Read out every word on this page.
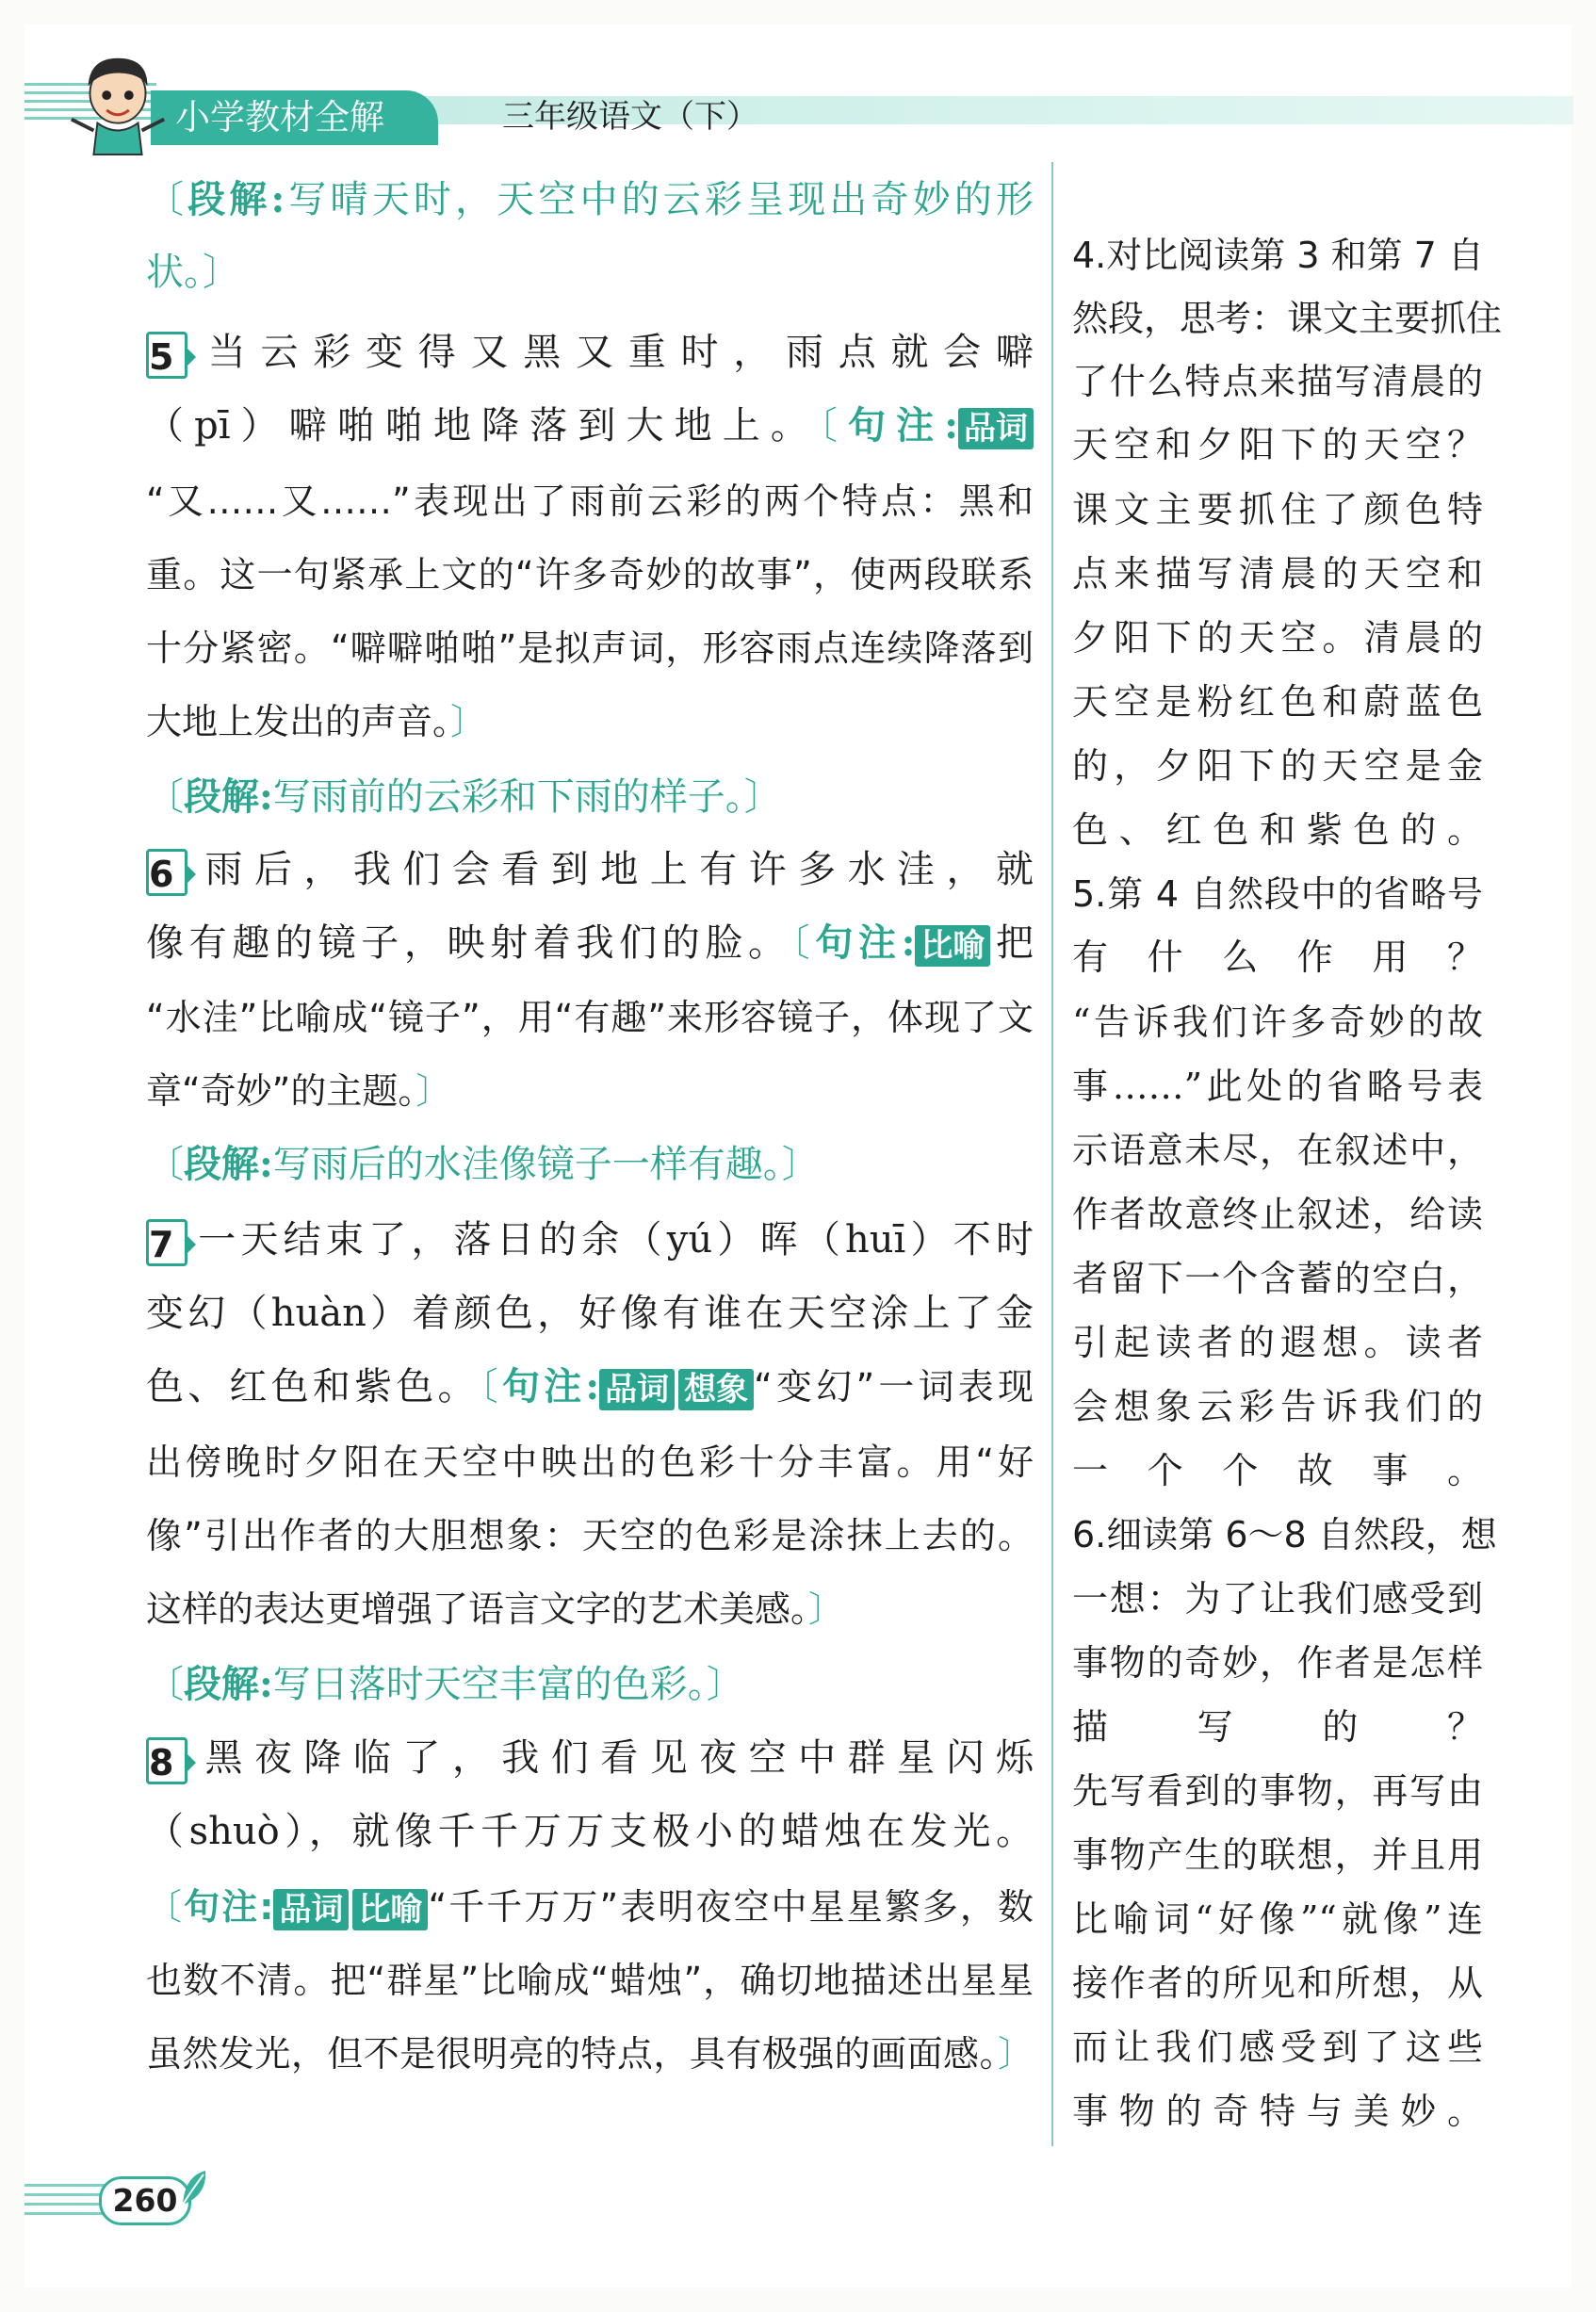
小学教材全解	三年级语文（下）
〔段解:写晴天时，天空中的云彩呈现出奇妙的形
状。〕
5 当云彩变得又黑又重时，雨点就会噼
（pī）噼啪啪地降落到大地上。〔句注: 品词
“又……又……”表现出了雨前云彩的两个特点：黑和
重。这一句紧承上文的“许多奇妙的故事”，使两段联系
十分紧密。“噼噼啪啪”是拟声词，形容雨点连续降落到
大地上发出的声音。〕
〔段解:写雨前的云彩和下雨的样子。〕
6 雨后，我们会看到地上有许多水洼，就
像有趣的镜子，映射着我们的脸。〔句注: 比喻 把
“水洼”比喻成“镜子”，用“有趣”来形容镜子，体现了文
章“奇妙”的主题。〕
〔段解:写雨后的水洼像镜子一样有趣。〕
7 一天结束了，落日的余（yú）晖（huī）不时
变幻（huàn）着颜色，好像有谁在天空涂上了金
色、红色和紫色。〔句注: 品词 想象 “变幻”一词表现
出傍晚时夕阳在天空中映出的色彩十分丰富。用“好
像”引出作者的大胆想象：天空的色彩是涂抹上去的。
这样的表达更增强了语言文字的艺术美感。〕
〔段解:写日落时天空丰富的色彩。〕
8 黑夜降临了，我们看见夜空中群星闪烁
（shuò），就像千千万万支极小的蜡烛在发光。
〔句注: 品词 比喻 “千千万万”表明夜空中星星繁多，数
也数不清。把“群星”比喻成“蜡烛”，确切地描述出星星
虽然发光，但不是很明亮的特点，具有极强的画面感。〕
4.对比阅读第 3 和第 7 自
然段，思考：课文主要抓住
了什么特点来描写清晨的
天空和夕阳下的天空？
课文主要抓住了颜色特
点来描写清晨的天空和
夕阳下的天空。清晨的
天空是粉红色和蔚蓝色
的，夕阳下的天空是金
色、红色和紫色的。
5.第 4 自然段中的省略号
有什么作用？
“告诉我们许多奇妙的故
事……”此处的省略号表
示语意未尽，在叙述中，
作者故意终止叙述，给读
者留下一个含蓄的空白，
引起读者的遐想。读者
会想象云彩告诉我们的
一个个故事。
6.细读第 6～8 自然段，想
一想：为了让我们感受到
事物的奇妙，作者是怎样
描写的？
先写看到的事物，再写由
事物产生的联想，并且用
比喻词“好像”“就像”连
接作者的所见和所想，从
而让我们感受到了这些
事物的奇特与美妙。
260
